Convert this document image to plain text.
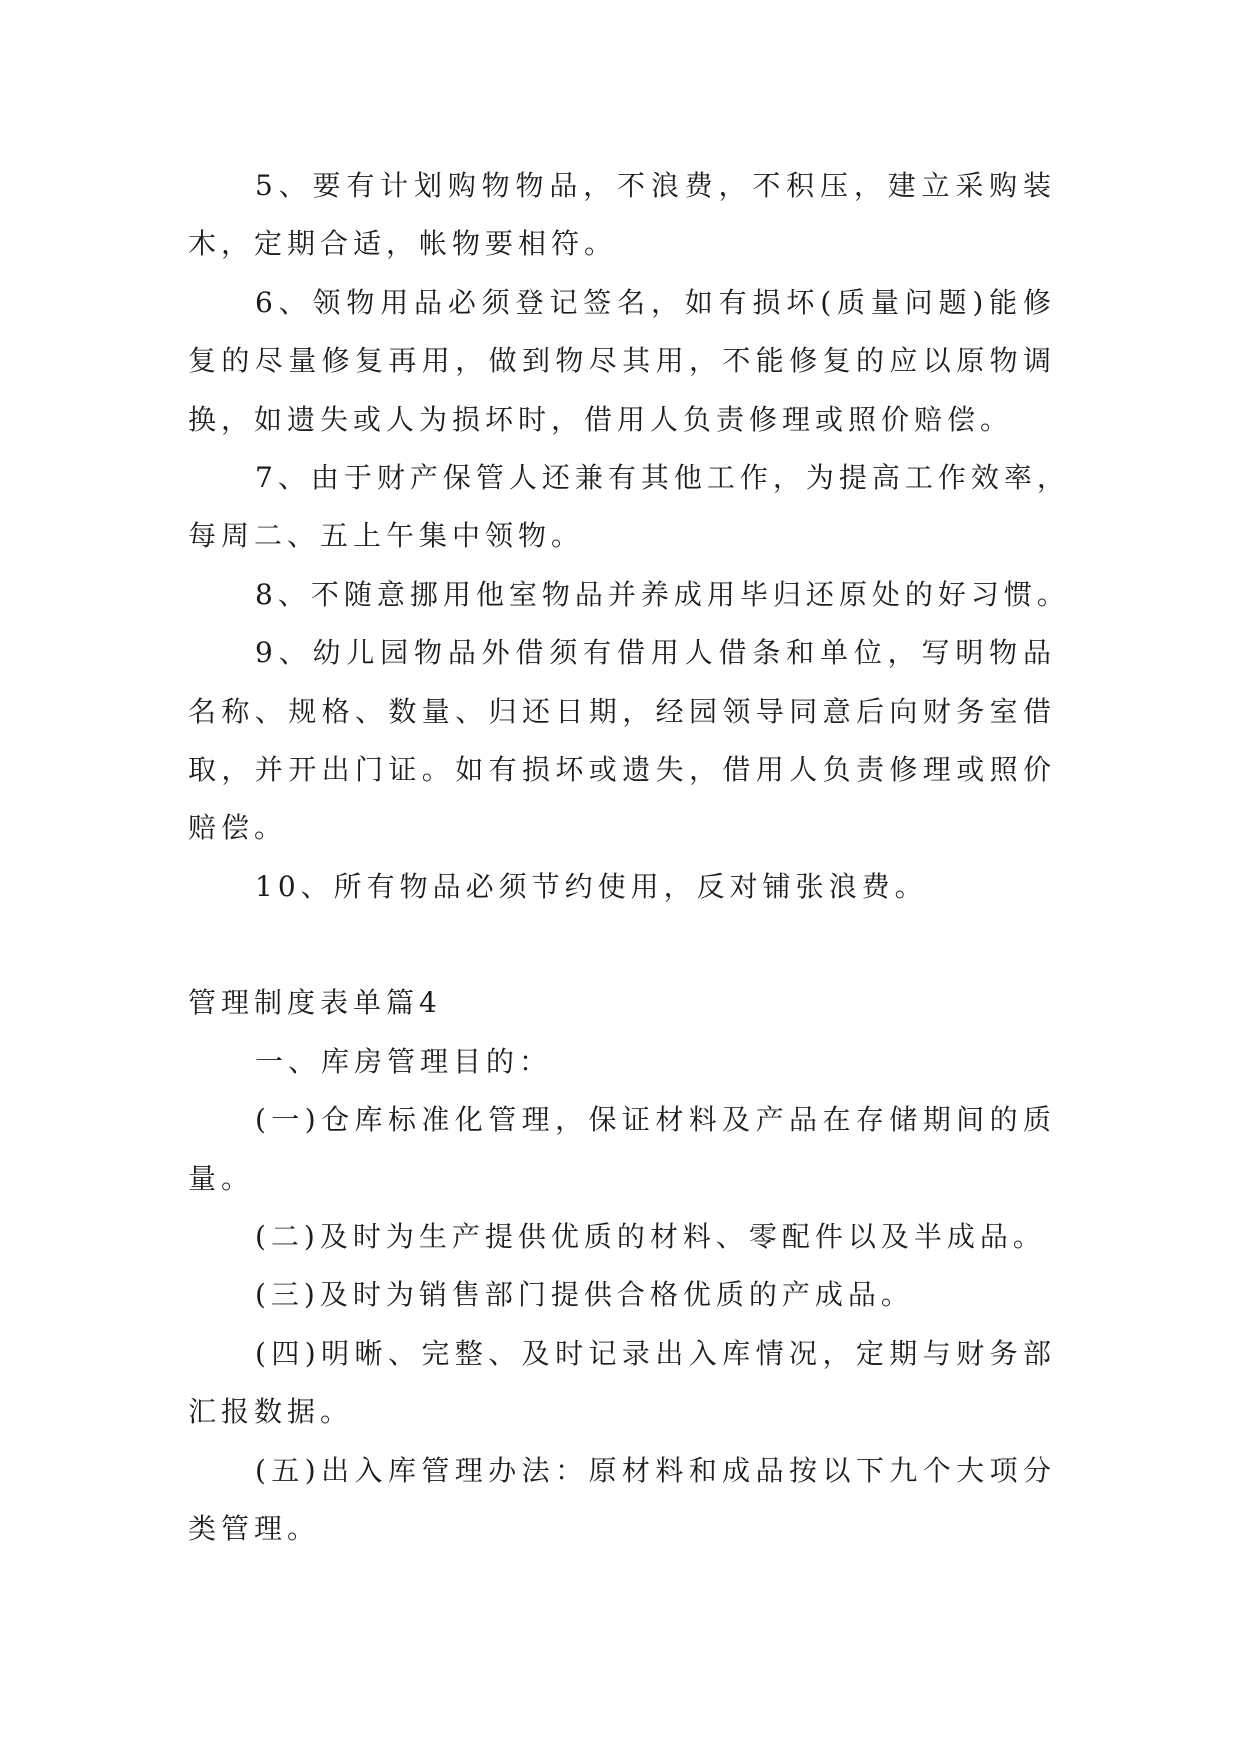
5、要有计划购物物品，不浪费，不积压，建立采购装
木，定期合适，帐物要相符。
6、领物用品必须登记签名，如有损坏(质量问题)能修
复的尽量修复再用，做到物尽其用，不能修复的应以原物调
换，如遗失或人为损坏时，借用人负责修理或照价赔偿。
7、由于财产保管人还兼有其他工作，为提高工作效率，
每周二、五上午集中领物。
8、不随意挪用他室物品并养成用毕归还原处的好习惯。
9、幼儿园物品外借须有借用人借条和单位，写明物品
名称、规格、数量、归还日期，经园领导同意后向财务室借
取，并开出门证。如有损坏或遗失，借用人负责修理或照价
赔偿。
10、所有物品必须节约使用，反对铺张浪费。
管理制度表单篇4
一、库房管理目的：
(一)仓库标准化管理，保证材料及产品在存储期间的质
量。
(二)及时为生产提供优质的材料、零配件以及半成品。
(三)及时为销售部门提供合格优质的产成品。
(四)明晰、完整、及时记录出入库情况，定期与财务部
汇报数据。
(五)出入库管理办法：原材料和成品按以下九个大项分
类管理。
